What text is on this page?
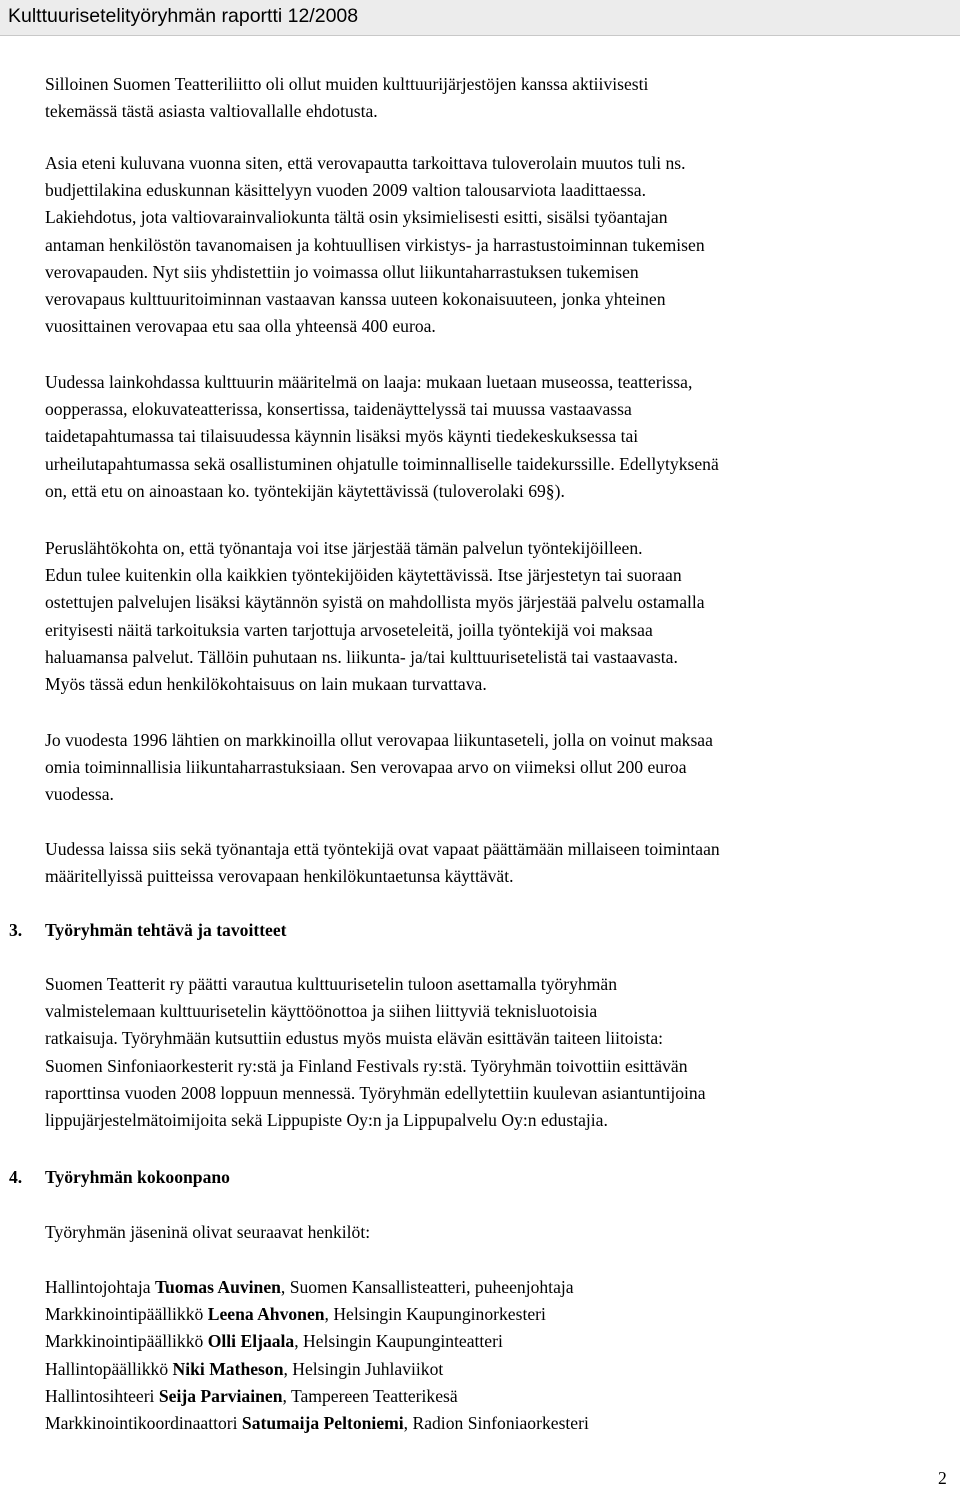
Kulttuurisetelityöryhmän raportti 12/2008
Silloinen Suomen Teatteriliitto oli ollut muiden kulttuurijärjestöjen kanssa aktiivisesti
tekemässä tästä asiasta valtiovallalle ehdotusta.
Asia eteni kuluvana vuonna siten, että verovapautta tarkoittava tuloverolain muutos tuli ns.
budjettilakina eduskunnan käsittelyyn vuoden 2009 valtion talousarviota laadittaessa.
Lakiehdotus, jota valtiovarainvaliokunta tältä osin yksimielisesti esitti, sisälsi työantajan
antaman henkilöstön tavanomaisen ja kohtuullisen virkistys- ja harrastustoiminnan tukemisen
verovapauden. Nyt siis yhdistettiin jo voimassa ollut liikuntaharrastuksen tukemisen
verovapaus kulttuuritoiminnan vastaavan kanssa uuteen kokonaisuuteen, jonka yhteinen
vuosittainen verovapaa etu saa olla yhteensä 400 euroa.
Uudessa lainkohdassa kulttuurin määritelmä on laaja: mukaan luetaan museossa, teatterissa,
oopperassa, elokuvateatterissa, konsertissa, taidenäyttelyssä tai muussa vastaavassa
taidetapahtumassa tai tilaisuudessa käynnin lisäksi myös käynti tiedekeskuksessa tai
urheilutapahtumassa sekä osallistuminen ohjatulle toiminnalliselle taidekurssille. Edellytyksenä
on, että etu on ainoastaan ko. työntekijän käytettävissä (tuloverolaki 69§).
Peruslähtökohta on, että työnantaja voi itse järjestää tämän palvelun työntekijöilleen.
Edun tulee kuitenkin olla kaikkien työntekijöiden käytettävissä. Itse järjestetyn tai suoraan
ostettujen palvelujen lisäksi käytännön syistä on mahdollista myös järjestää palvelu ostamalla
erityisesti näitä tarkoituksia varten tarjottuja arvoseteleitä, joilla työntekijä voi maksaa
haluamansa palvelut. Tällöin puhutaan ns. liikunta- ja/tai kulttuurisetelistä tai vastaavasta.
Myös tässä edun henkilökohtaisuus on lain mukaan turvattava.
Jo vuodesta 1996 lähtien on markkinoilla ollut verovapaa liikuntaseteli, jolla on voinut maksaa
omia toiminnallisia liikuntaharrastuksiaan. Sen verovapaa arvo on viimeksi ollut 200 euroa
vuodessa.
Uudessa laissa siis sekä työnantaja että työntekijä ovat vapaat päättämään millaiseen toimintaan
määritellyissä puitteissa verovapaan henkilökuntaetunsa käyttävät.
3. Työryhmän tehtävä ja tavoitteet
Suomen Teatterit ry päätti varautua kulttuurisetelin tuloon asettamalla työryhmän
valmistelemaan kulttuurisetelin käyttöönottoa ja siihen liittyviä teknisluotoisia
ratkaisuja. Työryhmään kutsuttiin edustus myös muista elävän esittävän taiteen liitoista:
Suomen Sinfoniaorkesterit ry:stä ja Finland Festivals ry:stä. Työryhmän toivottiin esittävän
raporttinsa vuoden 2008 loppuun mennessä. Työryhmän edellytettiin kuulevan asiantuntijoina
lippujärjestelmätoimijoita sekä Lippupiste Oy:n ja Lippupalvelu Oy:n edustajia.
4. Työryhmän kokoonpano
Työryhmän jäseninä olivat seuraavat henkilöt:
Hallintojohtaja Tuomas Auvinen, Suomen Kansallisteatteri, puheenjohtaja
Markkinointipäällikkö Leena Ahvonen, Helsingin Kaupunginorkesteri
Markkinointipäällikkö Olli Eljaala, Helsingin Kaupunginteatteri
Hallintopäällikkö Niki Matheson, Helsingin Juhlaviikot
Hallintosihteeri Seija Parviainen, Tampereen Teatterikesä
Markkinointikoordinaattori Satumaija Peltoniemi, Radion Sinfoniaorkesteri
2
